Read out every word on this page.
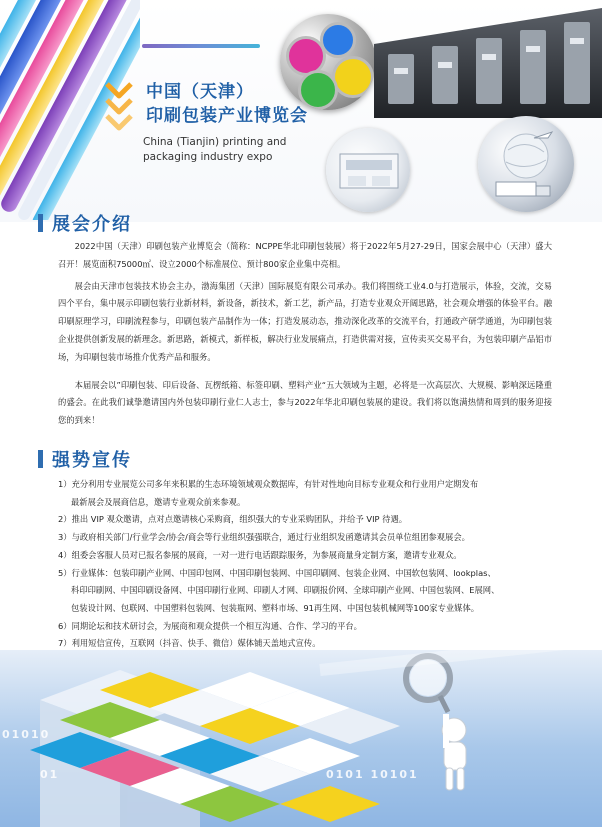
中国（天津）
印刷包装产业博览会
China (Tianjin) printing and
packaging industry expo
展会介绍

2022中国（天津）印刷包装产业博览会（简称：NCPPE华北印刷包装展）将于2022年5月27-29日，国家会展中心（天津）盛大召开！展览面积75000㎡、设立2000个标准展位、预计800家企业集中亮相。

展会由天津市包装技术协会主办，渤海集团（天津）国际展览有限公司承办。我们将围绕工业4.0与打造展示，体验，交流，交易四个平台，集中展示印刷包装行业新材料，新设备，新技术，新工艺，新产品，打造专业观众开阔思路，社会观众增强的体验平台。融印刷原理学习，印刷流程参与，印刷包装产品制作为一体；打造发展动态，推动深化改革的交流平台，打通政产研学通道，为印刷包装企业提供创新发展的新理念。新思路，新模式，新样板，解决行业发展痛点，打造供需对接，宣传卖买交易平台，为包装印刷产品铝市场，为印刷包装市场推介优秀产品和服务。

本届展会以”印刷包装、印后设备、瓦楞纸箱、标签印刷、塑料产业“五大领域为主题，必将是一次高层次、大规模、影响深远隆重的盛会。在此我们诚挚邀请国内外包装印刷行业仁人志士，参与2022年华北印刷包装展的建设。我们将以饱满热情和周到的服务迎接您的到来！

强势宣传
1）充分利用专业展览公司多年来积累的生态环境领域观众数据库，有针对性地向目标专业观众和行业用户定期发布
最新展会及展商信息，邀请专业观众前来参观。
2）推出 VIP 观众邀请，点对点邀请核心采购商，组织强大的专业采购团队，并给予 VIP 待遇。
3）与政府相关部门/行业学会/协会/商会等行业组织强强联合，通过行业组织发函邀请其会员单位组团参观展会。
4）组委会客服人员对已报名参展的展商，一对一进行电话跟踪服务，为参展商量身定制方案，邀请专业观众。
5）行业媒体：包装印刷产业网、中国印包网、中国印刷包装网、中国印刷网、包装企业网、中国软包装网、lookplas、
科印印刷网、中国印刷设备网、中国印刷行业网、印刷人才网、印刷报价网、全球印刷产业网、中国包装网、E展网、
包装设计网、包联网、中国塑料包装网、包装瓶网、塑料市场、91再生网、中国包装机械网等100家专业媒体。
6）同期论坛和技术研讨会，为展商和观众提供一个相互沟通、合作、学习的平台。
7）利用短信宣传，互联网（抖音、快手、微信）媒体铺天盖地式宣传。
01010
01	0101 10101
